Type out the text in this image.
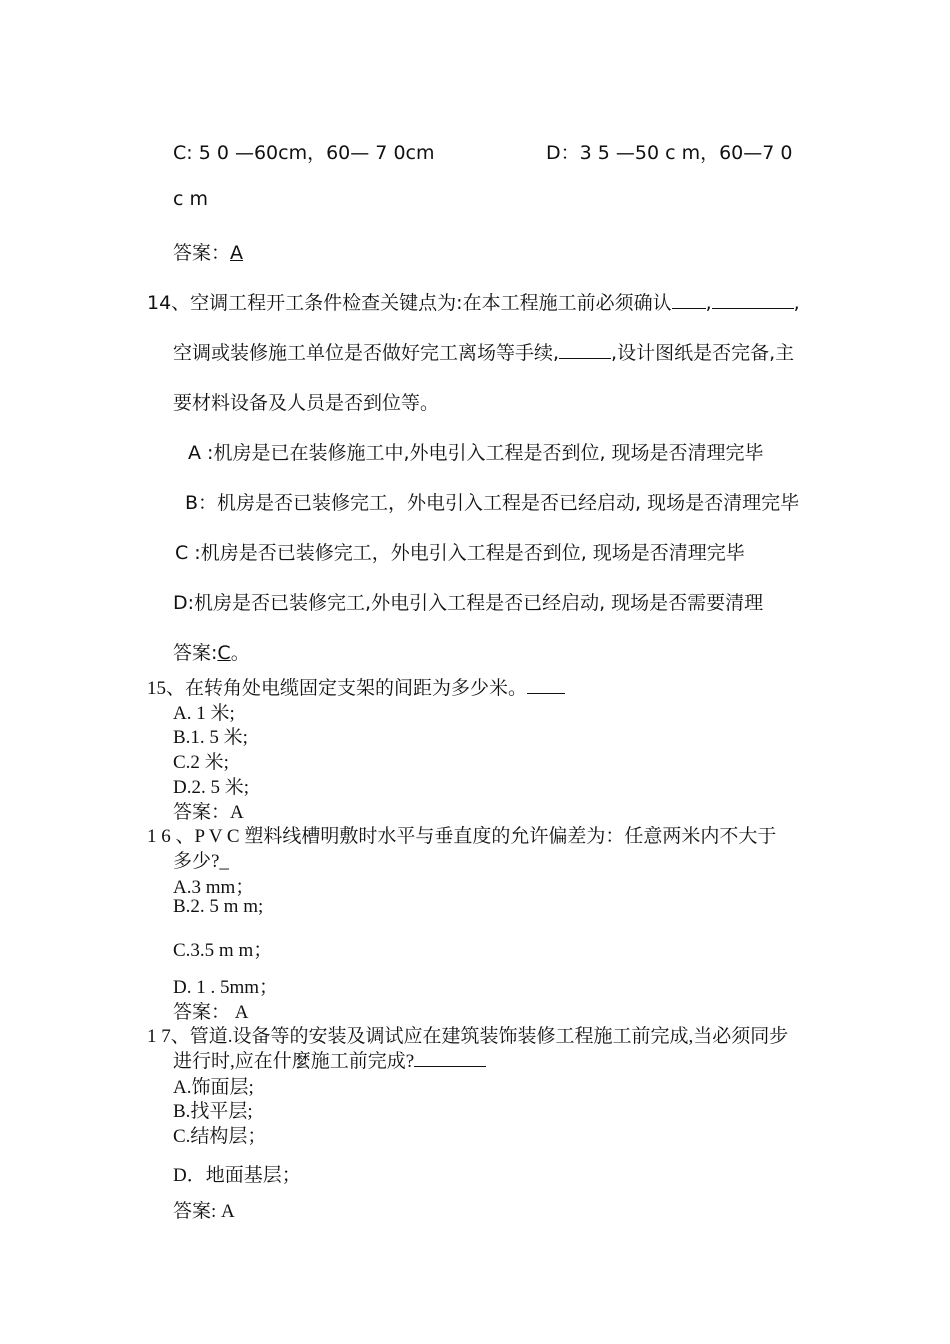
C: 5 0 —60cm，60— 7 0cm	D：3 5 —50 c m，60—7 0
c m
答案：A
14、空调工程开工条件检查关键点为:在本工程施工前必须确认 ,	,
空调或装修施工单位是否做好完工离场等手续,	,设计图纸是否完备,主
要材料设备及人员是否到位等。
A :机房是已在装修施工中,外电引入工程是否到位, 现场是否清理完毕
B：机房是否已装修完工，外电引入工程是否已经启动, 现场是否清理完毕
C :机房是否已装修完工，外电引入工程是否到位, 现场是否清理完毕
D:机房是否已装修完工,外电引入工程是否已经启动, 现场是否需要清理
答案:C。
15、在转角处电缆固定支架的间距为多少米。
A. 1 米;
B.1. 5 米;
C.2 米;
D.2. 5 米;
答案：A
1 6 、P V C 塑料线槽明敷时水平与垂直度的允许偏差为：任意两米内不大于
多少?_
A.3 mm；
B.2. 5 m m;
C.3.5 m m；
D. 1 . 5mm；
答案： A
1 7、管道.设备等的安装及调试应在建筑装饰装修工程施工前完成,当必须同步
进行时,应在什麼施工前完成?
A.饰面层;
B.找平层;
C.结构层；
D．地面基层；
答案: A
